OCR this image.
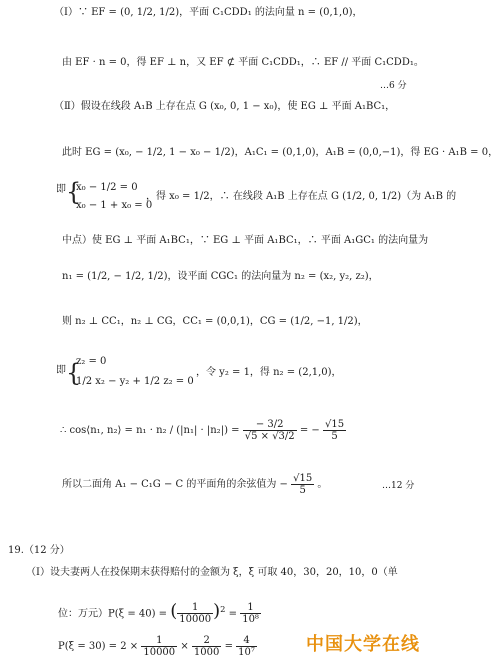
（Ⅰ）∵ EF = (0, 1/2, 1/2)，平面 C₁CDD₁ 的法向量 n = (0,1,0)，
由 EF · n = 0，得 EF ⊥ n，又 EF ⊄ 平面 C₁CDD₁，∴ EF // 平面 C₁CDD₁。
…6 分
（Ⅱ）假设在线段 A₁B 上存在点 G (x₀, 0, 1 − x₀)，使 EG ⊥ 平面 A₁BC₁，
此时 EG = (x₀, − 1/2, 1 − x₀ − 1/2)，A₁C₁ = (0,1,0)，A₁B = (0,0,−1)，得 EG · A₁B = 0，
即 {
x₀ − 1/2 = 0
x₀ − 1 + x₀ = 0
，得 x₀ = 1/2，∴ 在线段 A₁B 上存在点 G (1/2, 0, 1/2)（为 A₁B 的
中点）使 EG ⊥ 平面 A₁BC₁，∵ EG ⊥ 平面 A₁BC₁，∴ 平面 A₁GC₁ 的法向量为
n₁ = (1/2, − 1/2, 1/2)，设平面 CGC₁ 的法向量为 n₂ = (x₂, y₂, z₂)，
则 n₂ ⊥ CC₁，n₂ ⊥ CG，CC₁ = (0,0,1)，CG = (1/2, −1, 1/2)，
即 {
z₂ = 0
1/2 x₂ − y₂ + 1/2 z₂ = 0
，令 y₂ = 1，得 n₂ = (2,1,0)，
∴ cos⟨n₁, n₂⟩ = $n_1 \cdot n_2 / (|n_1| \cdot |n_2|) = \frac{- 3/2}{√5 \times √3/2}$ = − $\frac{√15}{5}$
所以二面角 A₁ − C₁G − C 的平面角的余弦值为 − $\frac{√15}{5}$ 。	…12 分
19.（12 分）
（Ⅰ）设夫妻两人在投保期末获得赔付的金额为 ξ，ξ 可取 40，30，20，10，0（单
位：万元）P(ξ = 40) = ( $\frac{1}{10000} )^2 = \frac{1}{\text{10⁸}}$
$P(\xi = 30) = 2 \times \frac{1}{10000} \times \frac{2}{1000} = \frac{4}{\text{10⁷}}$	中国大学在线
